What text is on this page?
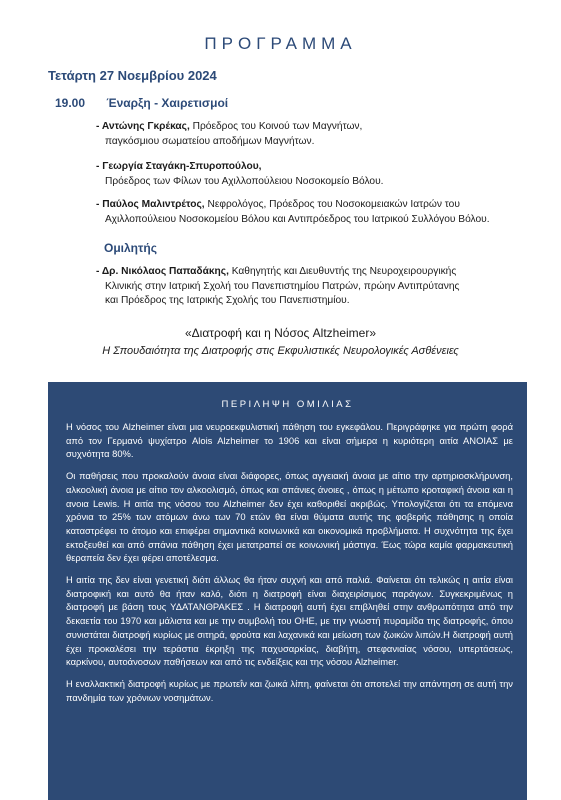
ΠΡΟΓΡΑΜΜΑ
Τετάρτη 27 Νοεμβρίου 2024
19.00 Έναρξη - Χαιρετισμοί
- Αντώνης Γκρέκας, Πρόεδρος του Κοινού των Μαγνήτων,
παγκόσμιου σωματείου αποδήμων Μαγνήτων.
- Γεωργία Σταγάκη-Σπυροπούλου,
Πρόεδρος των Φίλων του Αχιλλοπούλειου Νοσοκομείο Βόλου.
- Παύλος Μαλιντρέτος, Νεφρολόγος, Πρόεδρος του Νοσοκομειακών Ιατρών του
Αχιλλοπούλειου Νοσοκομείου Βόλου και Αντιπρόεδρος του Ιατρικού Συλλόγου Βόλου.
Ομιλητής
- Δρ. Νικόλαος Παπαδάκης, Καθηγητής και Διευθυντής της Νευροχειρουργικής
Κλινικής στην Ιατρική Σχολή του Πανεπιστημίου Πατρών, πρώην Αντιπρύτανης
και Πρόεδρος της Ιατρικής Σχολής του Πανεπιστημίου.
«Διατροφή και η Νόσος Altzheimer»
Η Σπουδαιότητα της Διατροφής στις Εκφυλιστικές Νευρολογικές Ασθένειες
ΠΕΡΙΛΗΨΗ ΟΜΙΛΙΑΣ

Η νόσος του Alzheimer είναι μια νευροεκφυλιστική πάθηση του εγκεφάλου. Περιγράφηκε για πρώτη φορά από τον Γερμανό ψυχίατρο Alois Alzheimer το 1906 και είναι σήμερα η κυριότερη αιτία ΑΝΟΙΑΣ με συχνότητα 80%.

Οι παθήσεις που προκαλούν άνοια είναι διάφορες, όπως αγγειακή άνοια με αίτιο την αρτηριοσκλήρυνση, αλκοολική άνοια με αίτιο τον αλκοολισμό, όπως και σπάνιες άνοιες , όπως η μέτωπο κροταφική άνοια και η ανοια Lewis. Η αιτία της νόσου του Alzheimer δεν έχει καθοριθεί ακριβώς. Υπολογίζεται ότι τα επόμενα χρόνια το 25% των ατόμων άνω των 70 ετών θα είναι θύματα αυτής της φοβερής πάθησης η οποία καταστρέφει το άτομο και επιφέρει σημαντικά κοινωνικά και οικονομικά προβλήματα. Η συχνότητα της έχει εκτοξευθεί και από σπάνια πάθηση έχει μετατραπεί σε κοινωνική μάστιγα. Έως τώρα καμία φαρμακευτική θεραπεία δεν έχει φέρει αποτέλεσμα.

Η αιτία της δεν είναι γενετική διότι άλλως θα ήταν συχνή και από παλιά. Φαίνεται ότι τελικώς η αιτία είναι διατροφική και αυτό θα ήταν καλό, διότι η διατροφή είναι διαχειρίσιμος παράγων. Συγκεκριμένως η διατροφή με βάση τους ΥΔΑΤΑΝΘΡΑΚΕΣ . Η διατροφή αυτή έχει επιβληθεί στην ανθρωπότητα από την δεκαετία του 1970 και μάλιστα και με την συμβολή του ΟΗΕ, με την γνωστή πυραμίδα της διατροφής, όπου συνιστάται διατροφή κυρίως με σιτηρά, φρούτα και λαχανικά και μείωση των ζωικών λιπών.Η διατροφή αυτή έχει προκαλέσει την τεράστια έκρηξη της παχυσαρκίας, διαβήτη, στεφανιαίας νόσου, υπερτάσεως, καρκίνου, αυτοάνοσων παθήσεων και από τις ενδείξεις και της νόσου Alzheimer.

Η εναλλακτική διατροφή κυρίως με πρωτεΐν και ζωικά λίπη, φαίνεται ότι αποτελεί την απάντηση σε αυτή την πανδημία των χρόνιων νοσημάτων.
